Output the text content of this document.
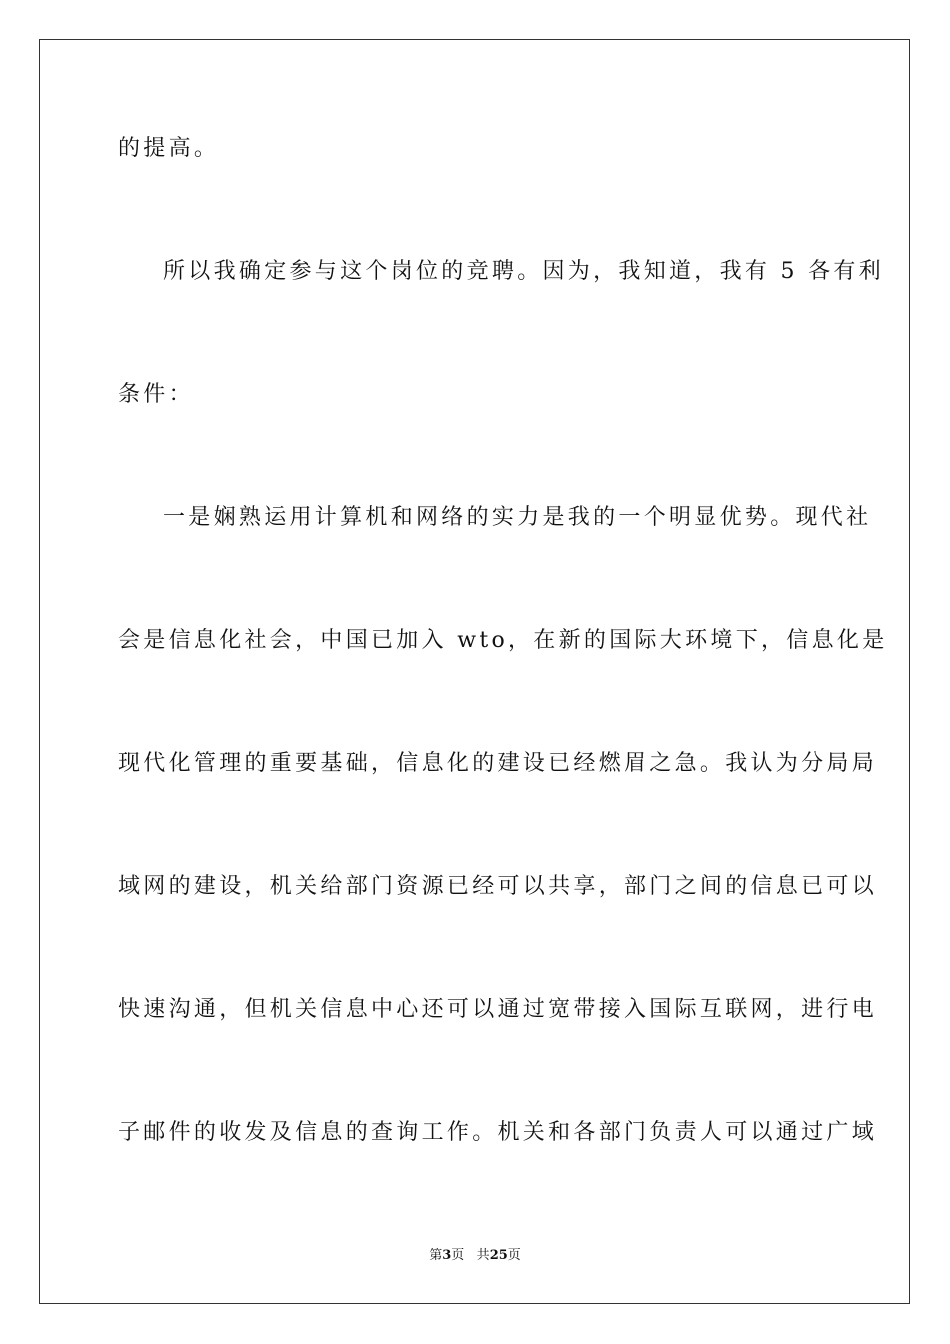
的提高。
所以我确定参与这个岗位的竞聘。因为，我知道，我有 5 各有利
条件：
一是娴熟运用计算机和网络的实力是我的一个明显优势。现代社
会是信息化社会，中国已加入 wto，在新的国际大环境下，信息化是
现代化管理的重要基础，信息化的建设已经燃眉之急。我认为分局局
域网的建设，机关给部门资源已经可以共享，部门之间的信息已可以
快速沟通，但机关信息中心还可以通过宽带接入国际互联网，进行电
子邮件的收发及信息的查询工作。机关和各部门负责人可以通过广域
第3页 共25页
